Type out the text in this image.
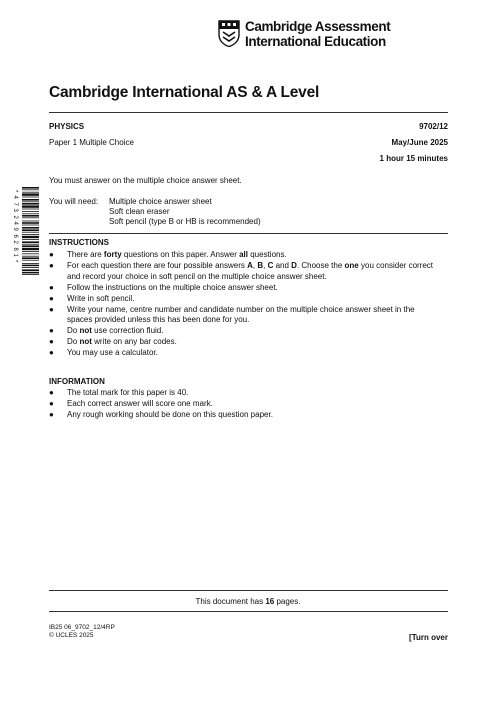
Cambridge Assessment
International Education
Cambridge International AS & A Level
PHYSICS	9702/12
Paper 1 Multiple Choice	May/June 2025
1 hour 15 minutes
You must answer on the multiple choice answer sheet.
You will need: Multiple choice answer sheet
Soft clean eraser
Soft pencil (type B or HB is recommended)
*
4
7
3
2
4
9
6
2
8
1
*
INSTRUCTIONS
● There are forty questions on this paper. Answer all questions.
● For each question there are four possible answers A, B, C and D. Choose the one you consider correct
and record your choice in soft pencil on the multiple choice answer sheet.
● Follow the instructions on the multiple choice answer sheet.
● Write in soft pencil.
● Write your name, centre number and candidate number on the multiple choice answer sheet in the
spaces provided unless this has been done for you.
● Do not use correction fluid.
● Do not write on any bar codes.
● You may use a calculator.
INFORMATION
● The total mark for this paper is 40.
● Each correct answer will score one mark.
● Any rough working should be done on this question paper.
This document has 16 pages.
IB25 06_9702_12/4RP
© UCLES 2025	[Turn over
